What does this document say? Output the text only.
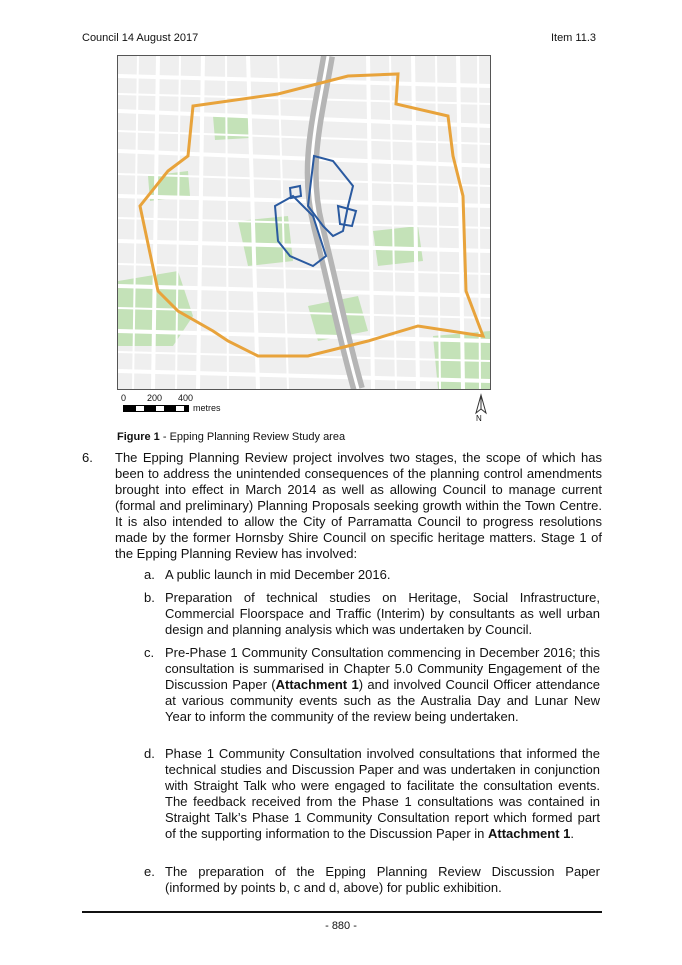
Council 14 August 2017	Item 11.3
0 200 400
metres
N
Figure 1 - Epping Planning Review Study area
6. The Epping Planning Review project involves two stages, the scope of which has been to address the unintended consequences of the planning control amendments brought into effect in March 2014 as well as allowing Council to manage current (formal and preliminary) Planning Proposals seeking growth within the Town Centre. It is also intended to allow the City of Parramatta Council to progress resolutions made by the former Hornsby Shire Council on specific heritage matters. Stage 1 of the Epping Planning Review has involved:
a. A public launch in mid December 2016.
b. Preparation of technical studies on Heritage, Social Infrastructure, Commercial Floorspace and Traffic (Interim) by consultants as well urban design and planning analysis which was undertaken by Council.
c. Pre-Phase 1 Community Consultation commencing in December 2016; this consultation is summarised in Chapter 5.0 Community Engagement of the Discussion Paper (Attachment 1) and involved Council Officer attendance at various community events such as the Australia Day and Lunar New Year to inform the community of the review being undertaken.
d. Phase 1 Community Consultation involved consultations that informed the technical studies and Discussion Paper and was undertaken in conjunction with Straight Talk who were engaged to facilitate the consultation events. The feedback received from the Phase 1 consultations was contained in Straight Talk’s Phase 1 Community Consultation report which formed part of the supporting information to the Discussion Paper in Attachment 1.
e. The preparation of the Epping Planning Review Discussion Paper (informed by points b, c and d, above) for public exhibition.
- 880 -
